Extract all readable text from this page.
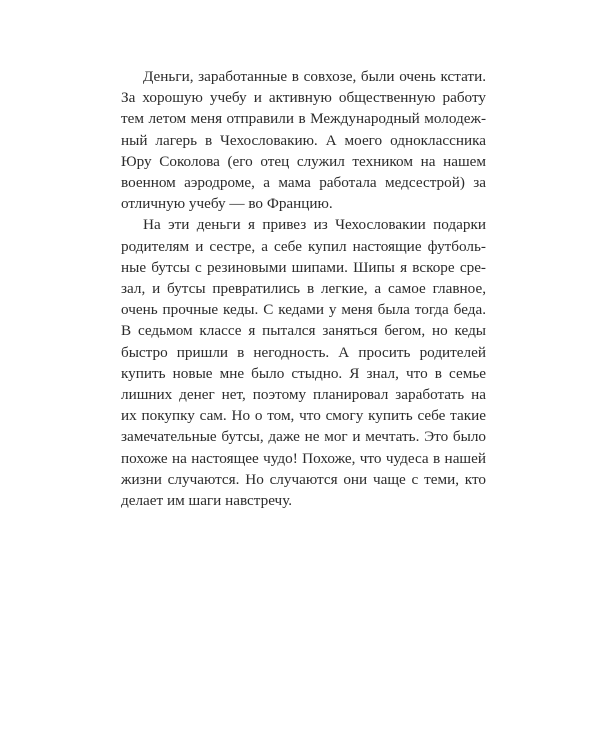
Деньги, заработанные в совхозе, были очень кстати.
За хорошую учебу и активную общественную работу
тем летом меня отправили в Международный молодеж-
ный лагерь в Чехословакию. А моего одноклассника
Юру Соколова (его отец служил техником на нашем
военном аэродроме, а мама работала медсестрой) за
отличную учебу — во Францию.
На эти деньги я привез из Чехословакии подарки
родителям и сестре, а себе купил настоящие футболь-
ные бутсы с резиновыми шипами. Шипы я вскоре сре-
зал, и бутсы превратились в легкие, а самое главное,
очень прочные кеды. С кедами у меня была тогда беда.
В седьмом классе я пытался заняться бегом, но кеды
быстро пришли в негодность. А просить родителей
купить новые мне было стыдно. Я знал, что в семье
лишних денег нет, поэтому планировал заработать на
их покупку сам. Но о том, что смогу купить себе такие
замечательные бутсы, даже не мог и мечтать. Это было
похоже на настоящее чудо! Похоже, что чудеса в нашей
жизни случаются. Но случаются они чаще с теми, кто
делает им шаги навстречу.
